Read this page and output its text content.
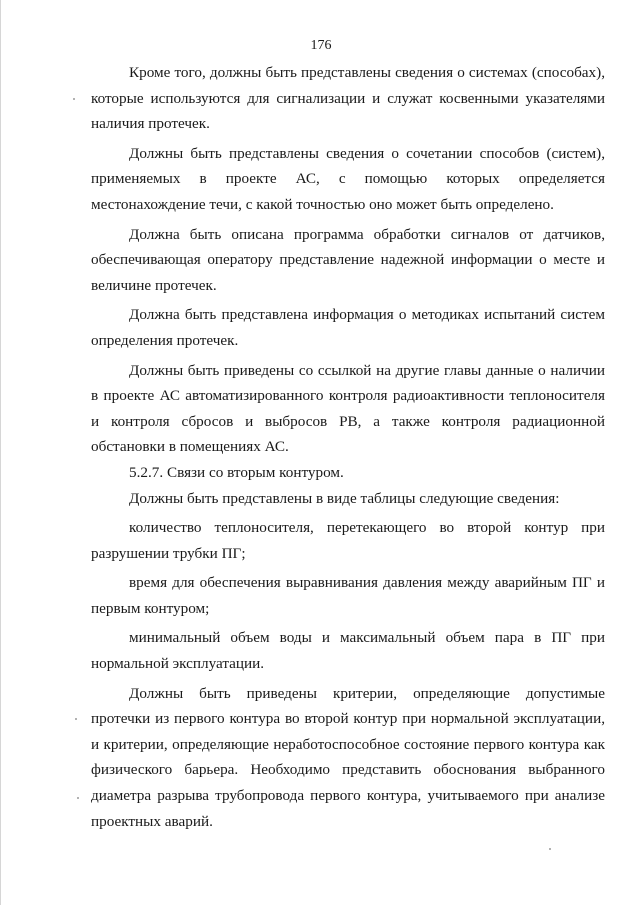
176

Кроме того, должны быть представлены сведения о системах (способах), которые используются для сигнализации и служат косвенными указателями наличия протечек.

Должны быть представлены сведения о сочетании способов (систем), применяемых в проекте АС, с помощью которых определяется местонахождение течи, с какой точностью оно может быть определено.

Должна быть описана программа обработки сигналов от датчиков, обеспечивающая оператору представление надежной информации о месте и величине протечек.

Должна быть представлена информация о методиках испытаний систем определения протечек.

Должны быть приведены со ссылкой на другие главы данные о наличии в проекте АС автоматизированного контроля радиоактивности теплоносителя и контроля сбросов и выбросов РВ, а также контроля радиационной обстановки в помещениях АС.

5.2.7. Связи со вторым контуром.

Должны быть представлены в виде таблицы следующие сведения:

количество теплоносителя, перетекающего во второй контур при разрушении трубки ПГ;

время для обеспечения выравнивания давления между аварийным ПГ и первым контуром;

минимальный объем воды и максимальный объем пара в ПГ при нормальной эксплуатации.

Должны быть приведены критерии, определяющие допустимые протечки из первого контура во второй контур при нормальной эксплуатации, и критерии, определяющие неработоспособное состояние первого контура как физического барьера. Необходимо представить обоснования выбранного диаметра разрыва трубопровода первого контура, учитываемого при анализе проектных аварий.
